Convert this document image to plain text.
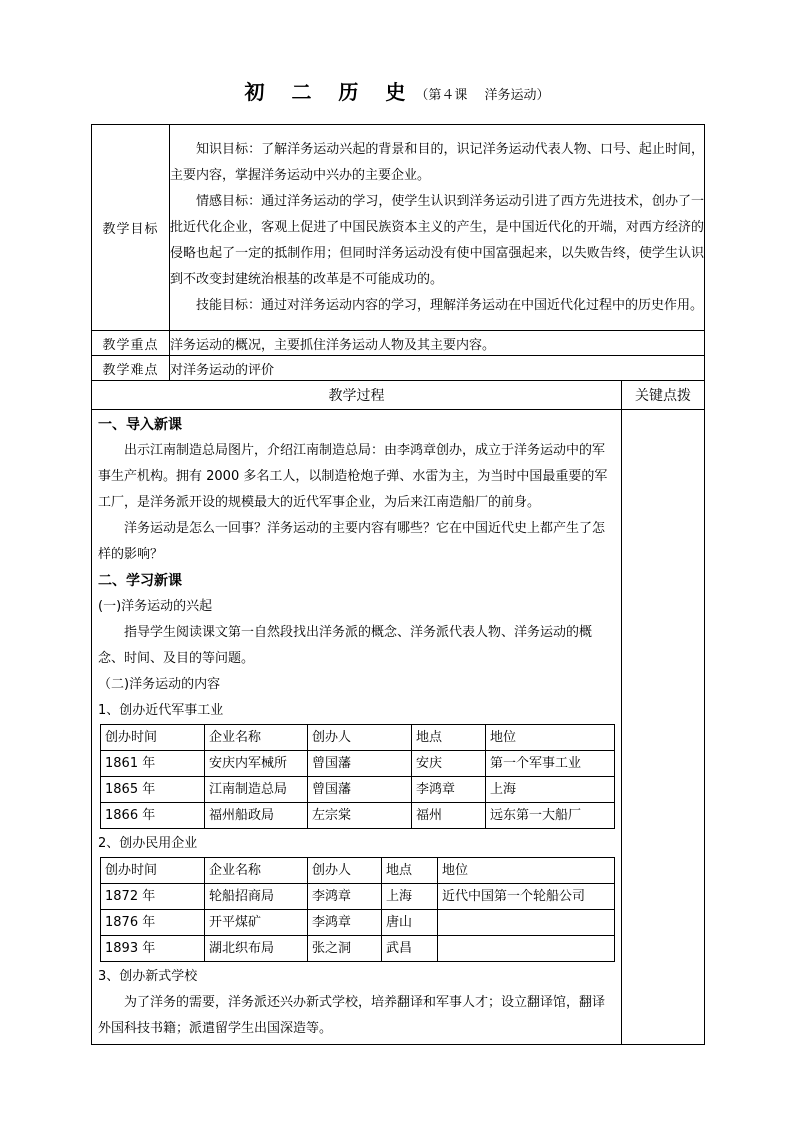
初 二 历 史（第４课　 洋务运动）
教学目标	

知识目标：了解洋务运动兴起的背景和目的，识记洋务运动代表人物、口号、起止时间，主要内容，掌握洋务运动中兴办的主要企业。

情感目标：通过洋务运动的学习，使学生认识到洋务运动引进了西方先进技术，创办了一批近代化企业，客观上促进了中国民族资本主义的产生，是中国近代化的开端，对西方经济的侵略也起了一定的抵制作用；但同时洋务运动没有使中国富强起来，以失败告终，使学生认识到不改变封建统治根基的改革是不可能成功的。

技能目标：通过对洋务运动内容的学习，理解洋务运动在中国近代化过程中的历史作用。

教学重点	洋务运动的概况，主要抓住洋务运动人物及其主要内容。
教学难点	对洋务运动的评价
教学过程	关键点拨

一、导入新课

出示江南制造总局图片，介绍江南制造总局：由李鸿章创办，成立于洋务运动中的军事生产机构。拥有 2000 多名工人，以制造枪炮子弹、水雷为主，为当时中国最重要的军工厂，是洋务派开设的规模最大的近代军事企业，为后来江南造船厂的前身。

洋务运动是怎么一回事？洋务运动的主要内容有哪些？它在中国近代史上都产生了怎样的影响？

二、学习新课

(一)洋务运动的兴起

指导学生阅读课文第一自然段找出洋务派的概念、洋务派代表人物、洋务运动的概念、时间、及目的等问题。

（二)洋务运动的内容

1、创办近代军事工业

创办时间	企业名称	创办人	地点	地位
1861 年	安庆内军械所	曾国藩	安庆	第一个军事工业
1865 年	江南制造总局	曾国藩	李鸿章	上海
1866 年	福州船政局	左宗棠	福州	远东第一大船厂

2、创办民用企业

创办时间	企业名称	创办人	地点	地位
1872 年	轮船招商局	李鸿章	上海	近代中国第一个轮船公司
1876 年	开平煤矿	李鸿章	唐山	
1893 年	湖北织布局	张之洞	武昌	

3、创办新式学校

为了洋务的需要，洋务派还兴办新式学校，培养翻译和军事人才；设立翻译馆，翻译外国科技书籍；派遣留学生出国深造等。
